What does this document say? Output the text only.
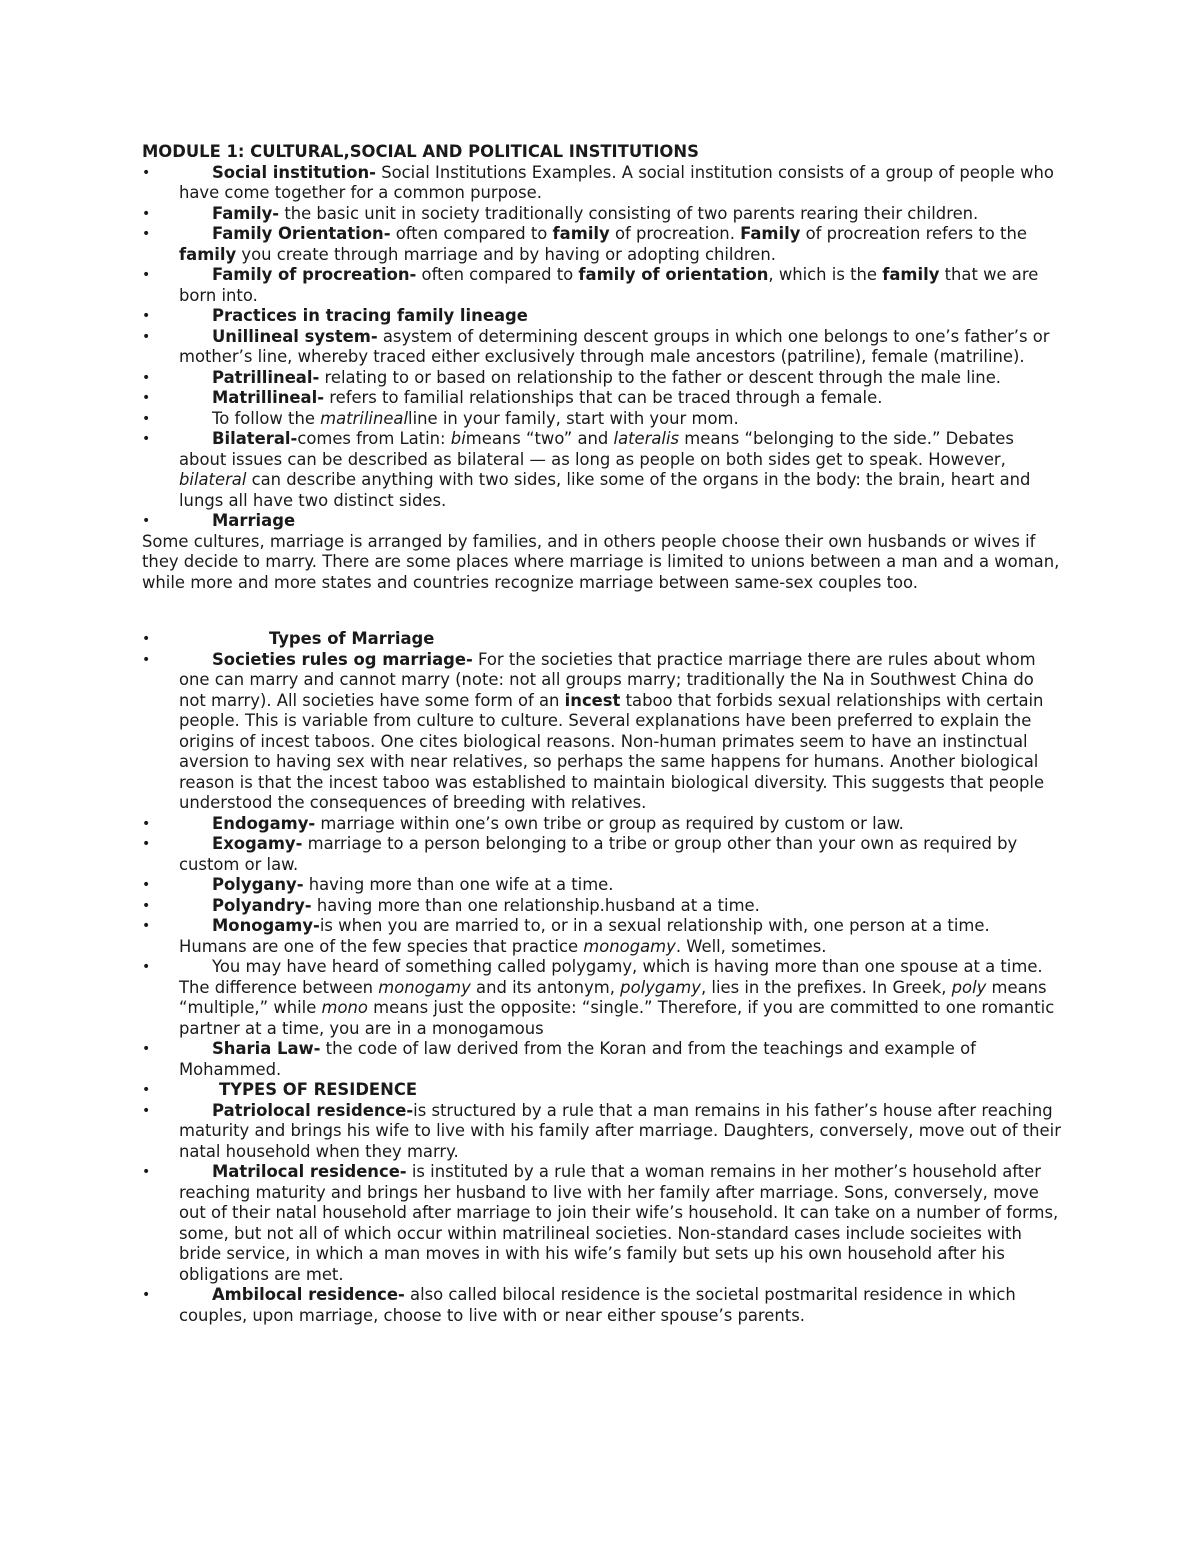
MODULE 1: CULTURAL,SOCIAL AND POLITICAL INSTITUTIONS
•	Social institution- Social Institutions Examples. A social institution consists of a group of people who have come together for a common purpose.
•	Family- the basic unit in society traditionally consisting of two parents rearing their children.
•	Family Orientation- often compared to family of procreation. Family of procreation refers to the family you create through marriage and by having or adopting children.
•	Family of procreation- often compared to family of orientation, which is the family that we are born into.
•	Practices in tracing family lineage
•	Unillineal system- asystem of determining descent groups in which one belongs to one’s father’s or mother’s line, whereby traced either exclusively through male ancestors (patriline), female (matriline).
•	Patrillineal- relating to or based on relationship to the father or descent through the male line.
•	Matrillineal- refers to familial relationships that can be traced through a female.
•	To follow the matrilinealline in your family, start with your mom.
•	Bilateral-comes from Latin: bimeans “two” and lateralis means “belonging to the side.” Debates about issues can be described as bilateral — as long as people on both sides get to speak. However, bilateral can describe anything with two sides, like some of the organs in the body: the brain, heart and lungs all have two distinct sides.
•	Marriage
Some cultures, marriage is arranged by families, and in others people choose their own husbands or wives if they decide to marry. There are some places where marriage is limited to unions between a man and a woman, while more and more states and countries recognize marriage between same-sex couples too.
•	Types of Marriage
•	Societies rules og marriage- For the societies that practice marriage there are rules about whom one can marry and cannot marry (note: not all groups marry; traditionally the Na in Southwest China do not marry). All societies have some form of an incest taboo that forbids sexual relationships with certain people. This is variable from culture to culture. Several explanations have been preferred to explain the origins of incest taboos. One cites biological reasons. Non-human primates seem to have an instinctual aversion to having sex with near relatives, so perhaps the same happens for humans. Another biological reason is that the incest taboo was established to maintain biological diversity. This suggests that people understood the consequences of breeding with relatives.
•	Endogamy- marriage within one’s own tribe or group as required by custom or law.
•	Exogamy- marriage to a person belonging to a tribe or group other than your own as required by custom or law.
•	Polygany- having more than one wife at a time.
•	Polyandry- having more than one relationship.husband at a time.
•	Monogamy-is when you are married to, or in a sexual relationship with, one person at a time. Humans are one of the few species that practice monogamy. Well, sometimes.
•	You may have heard of something called polygamy, which is having more than one spouse at a time. The difference between monogamy and its antonym, polygamy, lies in the prefixes. In Greek, poly means “multiple,” while mono means just the opposite: “single.” Therefore, if you are committed to one romantic partner at a time, you are in a monogamous
•	Sharia Law- the code of law derived from the Koran and from the teachings and example of Mohammed.
•	TYPES OF RESIDENCE
•	Patriolocal residence-is structured by a rule that a man remains in his father’s house after reaching maturity and brings his wife to live with his family after marriage. Daughters, conversely, move out of their natal household when they marry.
•	Matrilocal residence- is instituted by a rule that a woman remains in her mother’s household after reaching maturity and brings her husband to live with her family after marriage. Sons, conversely, move out of their natal household after marriage to join their wife’s household. It can take on a number of forms, some, but not all of which occur within matrilineal societies. Non-standard cases include socieites with bride service, in which a man moves in with his wife’s family but sets up his own household after his obligations are met.
•	Ambilocal residence- also called bilocal residence is the societal postmarital residence in which couples, upon marriage, choose to live with or near either spouse’s parents.
